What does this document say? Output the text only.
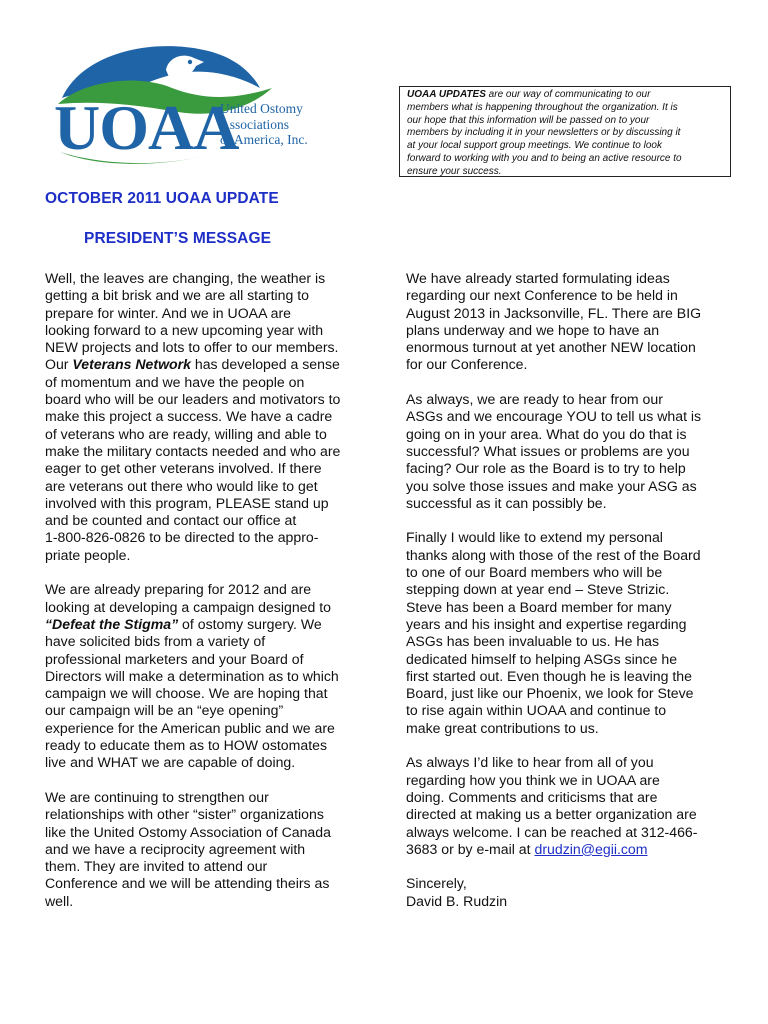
UOAA
United Ostomy
Associations
of America, Inc.
UOAA UPDATES are our way of communicating to our
members what is happening throughout the organization. It is
our hope that this information will be passed on to your
members by including it in your newsletters or by discussing it
at your local support group meetings. We continue to look
forward to working with you and to being an active resource to
ensure your success.
OCTOBER 2011 UOAA UPDATE
PRESIDENT’S MESSAGE

Well, the leaves are changing, the weather is
getting a bit brisk and we are all starting to
prepare for winter. And we in UOAA are
looking forward to a new upcoming year with
NEW projects and lots to offer to our members.
Our Veterans Network has developed a sense
of momentum and we have the people on
board who will be our leaders and motivators to
make this project a success. We have a cadre
of veterans who are ready, willing and able to
make the military contacts needed and who are
eager to get other veterans involved. If there
are veterans out there who would like to get
involved with this program, PLEASE stand up
and be counted and contact our office at
1-800-826-0826 to be directed to the appro-
priate people.

We are already preparing for 2012 and are
looking at developing a campaign designed to
“Defeat the Stigma” of ostomy surgery. We
have solicited bids from a variety of
professional marketers and your Board of
Directors will make a determination as to which
campaign we will choose. We are hoping that
our campaign will be an “eye opening”
experience for the American public and we are
ready to educate them as to HOW ostomates
live and WHAT we are capable of doing.

We are continuing to strengthen our
relationships with other “sister” organizations
like the United Ostomy Association of Canada
and we have a reciprocity agreement with
them. They are invited to attend our
Conference and we will be attending theirs as
well.

We have already started formulating ideas
regarding our next Conference to be held in
August 2013 in Jacksonville, FL. There are BIG
plans underway and we hope to have an
enormous turnout at yet another NEW location
for our Conference.

As always, we are ready to hear from our
ASGs and we encourage YOU to tell us what is
going on in your area. What do you do that is
successful? What issues or problems are you
facing? Our role as the Board is to try to help
you solve those issues and make your ASG as
successful as it can possibly be.

Finally I would like to extend my personal
thanks along with those of the rest of the Board
to one of our Board members who will be
stepping down at year end – Steve Strizic.
Steve has been a Board member for many
years and his insight and expertise regarding
ASGs has been invaluable to us. He has
dedicated himself to helping ASGs since he
first started out. Even though he is leaving the
Board, just like our Phoenix, we look for Steve
to rise again within UOAA and continue to
make great contributions to us.

As always I’d like to hear from all of you
regarding how you think we in UOAA are
doing. Comments and criticisms that are
directed at making us a better organization are
always welcome. I can be reached at 312-466-
3683 or by e-mail at drudzin@egii.com

Sincerely,
David B. Rudzin
